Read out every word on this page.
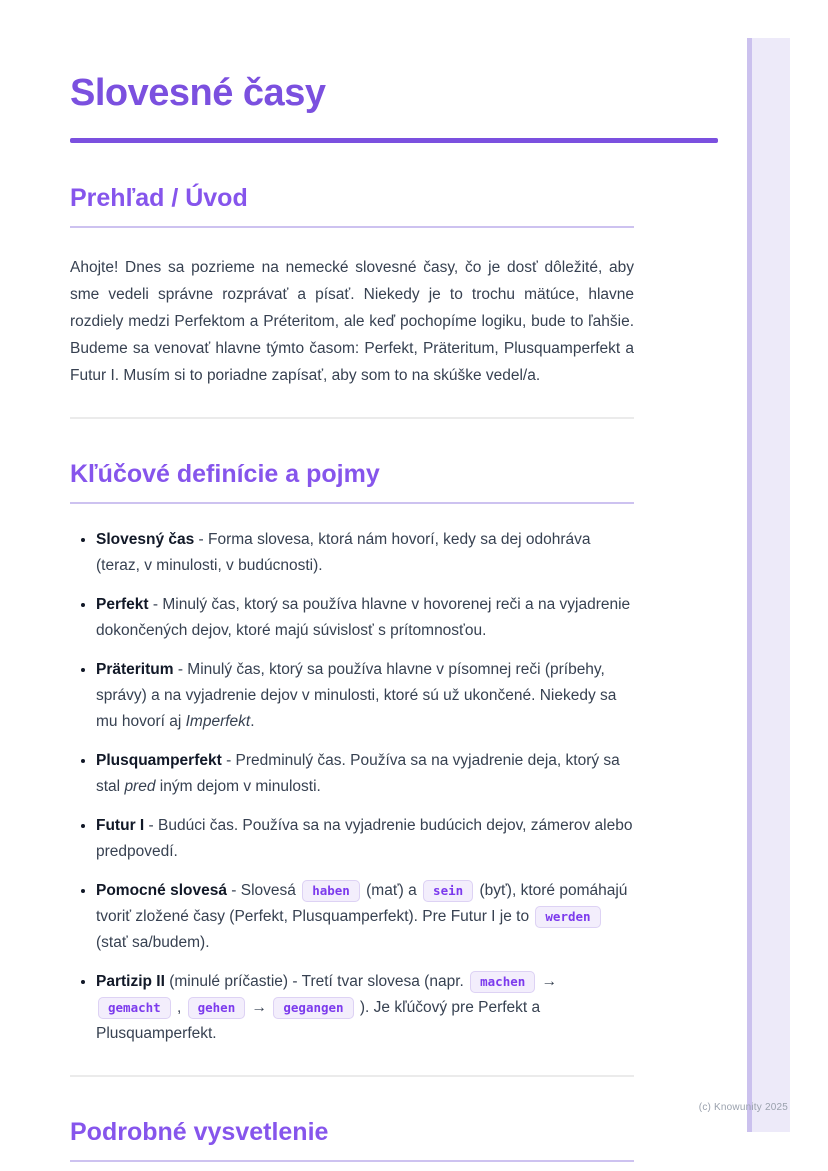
Slovesné časy
Prehľad / Úvod

Ahojte! Dnes sa pozrieme na nemecké slovesné časy, čo je dosť dôležité, aby sme vedeli správne rozprávať a písať. Niekedy je to trochu mätúce, hlavne rozdiely medzi Perfektom a Préteritom, ale keď pochopíme logiku, bude to ľahšie. Budeme sa venovať hlavne týmto časom: Perfekt, Präteritum, Plusquamperfekt a Futur I. Musím si to poriadne zapísať, aby som to na skúške vedel/a.

Kľúčové definície a pojmy
• Slovesný čas - Forma slovesa, ktorá nám hovorí, kedy sa dej odohráva (teraz, v minulosti, v budúcnosti).
• Perfekt - Minulý čas, ktorý sa používa hlavne v hovorenej reči a na vyjadrenie dokončených dejov, ktoré majú súvislosť s prítomnosťou.
• Präteritum - Minulý čas, ktorý sa používa hlavne v písomnej reči (príbehy, správy) a na vyjadrenie dejov v minulosti, ktoré sú už ukončené. Niekedy sa mu hovorí aj Imperfekt.
• Plusquamperfekt - Predminulý čas. Používa sa na vyjadrenie deja, ktorý sa stal pred iným dejom v minulosti.
• Futur I - Budúci čas. Používa sa na vyjadrenie budúcich dejov, zámerov alebo predpovedí.
• Pomocné slovesá - Slovesá haben (mať) a sein (byť), ktoré pomáhajú tvoriť zložené časy (Perfekt, Plusquamperfekt). Pre Futur I je to werden (stať sa/budem).
• Partizip II (minulé príčastie) - Tretí tvar slovesa (napr. machen → gemacht , gehen → gegangen ). Je kľúčový pre Perfekt a Plusquamperfekt.
Podrobné vysvetlenie
(c) Knowunity 2025
